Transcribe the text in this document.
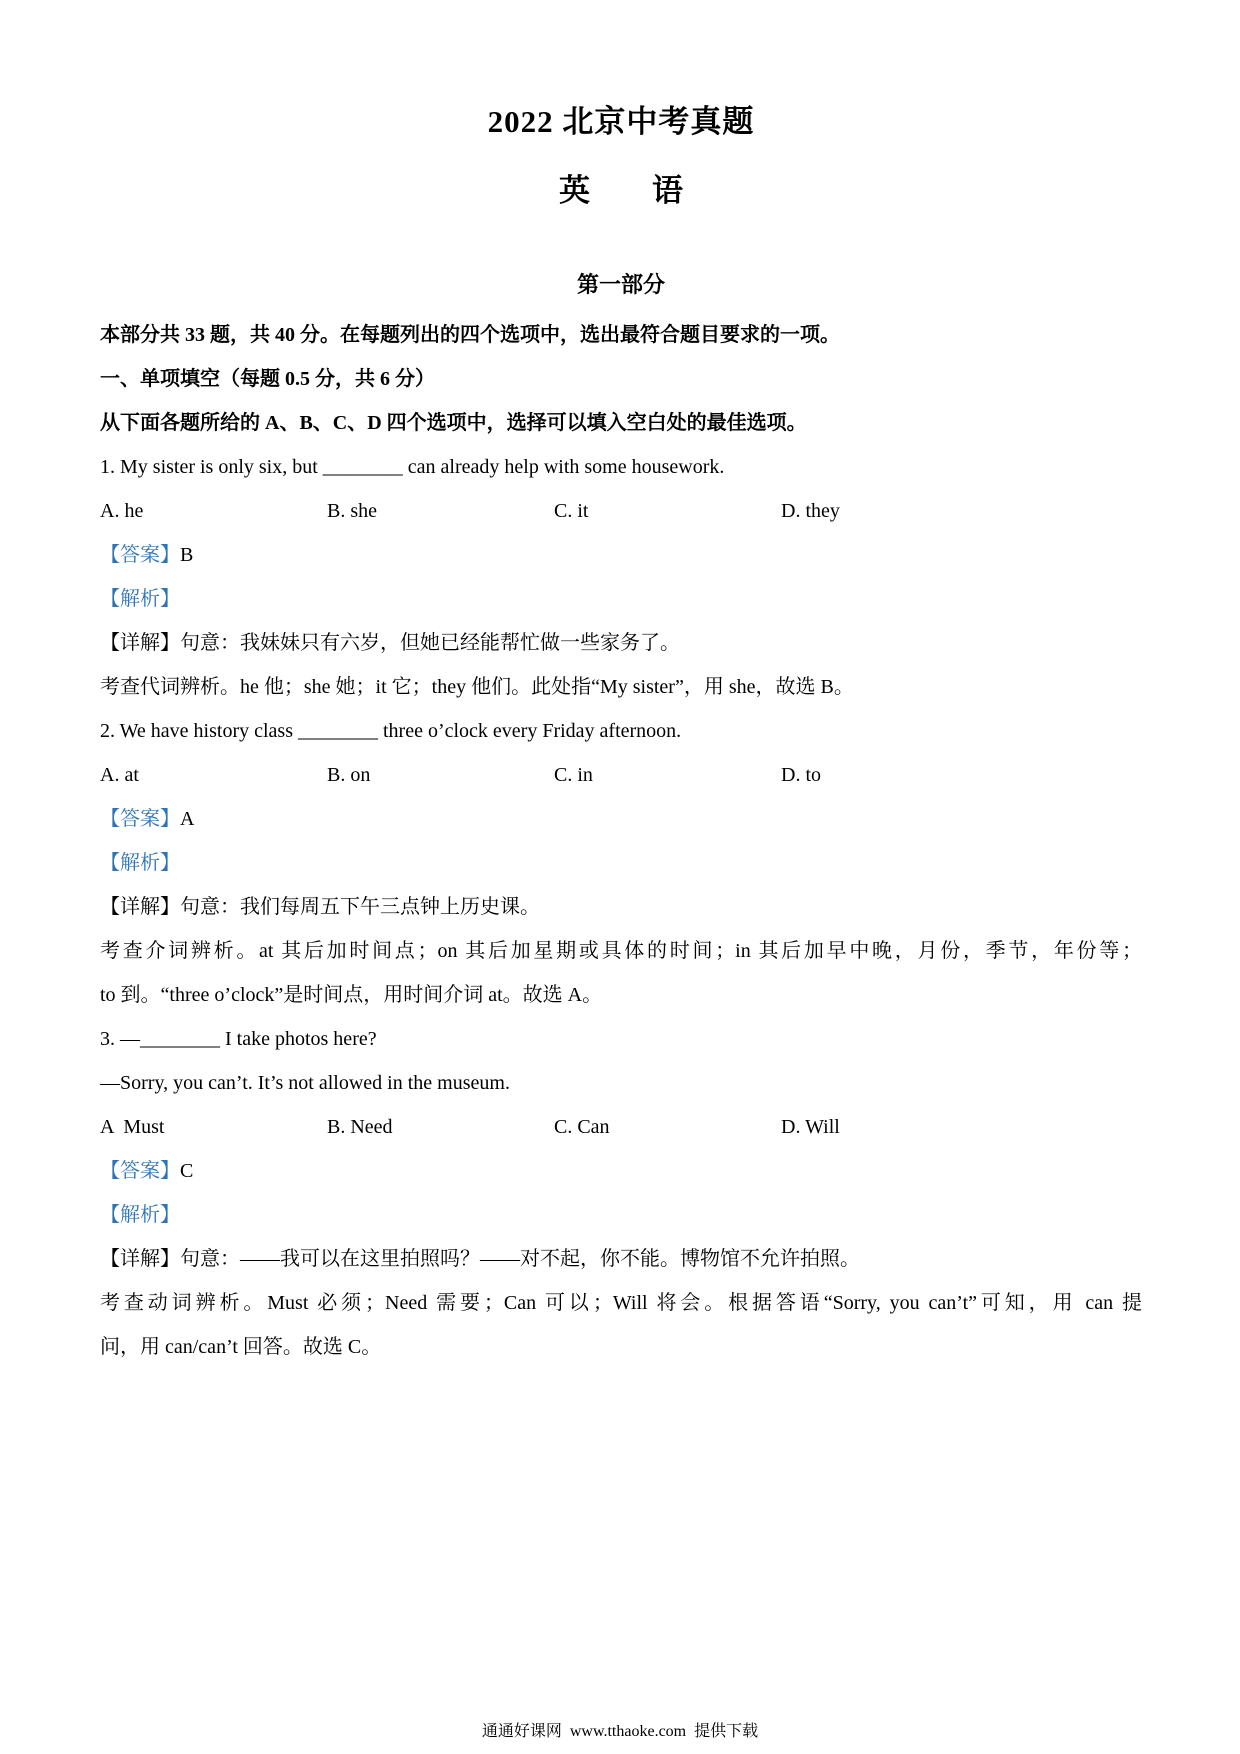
2022 北京中考真题
英　　语
第一部分

本部分共 33 题，共 40 分。在每题列出的四个选项中，选出最符合题目要求的一项。

一、单项填空（每题 0.5 分，共 6 分）

从下面各题所给的 A、B、C、D 四个选项中，选择可以填入空白处的最佳选项。

1. My sister is only six, but ________ can already help with some housework.

A. he	B. she	C. it	D. they

【答案】B

【解析】

【详解】句意：我妹妹只有六岁，但她已经能帮忙做一些家务了。

考查代词辨析。he 他；she 她；it 它；they 他们。此处指“My sister”，用 she，故选 B。

2. We have history class ________ three o’clock every Friday afternoon.

A. at	B. on	C. in	D. to

【答案】A

【解析】

【详解】句意：我们每周五下午三点钟上历史课。

考查介词辨析。at 其后加时间点；on 其后加星期或具体的时间；in 其后加早中晚，月份，季节，年份等；

to 到。“three o’clock”是时间点，用时间介词 at。故选 A。

3. —________ I take photos here?

—Sorry, you can’t. It’s not allowed in the museum.

A  Must	B. Need	C. Can	D. Will

【答案】C

【解析】

【详解】句意：——我可以在这里拍照吗？——对不起，你不能。博物馆不允许拍照。

考查动词辨析。Must 必须；Need 需要；Can 可以；Will 将会。根据答语“Sorry, you can’t”可知，用 can 提

问，用 can/can’t 回答。故选 C。

通通好课网  www.tthaoke.com  提供下载
